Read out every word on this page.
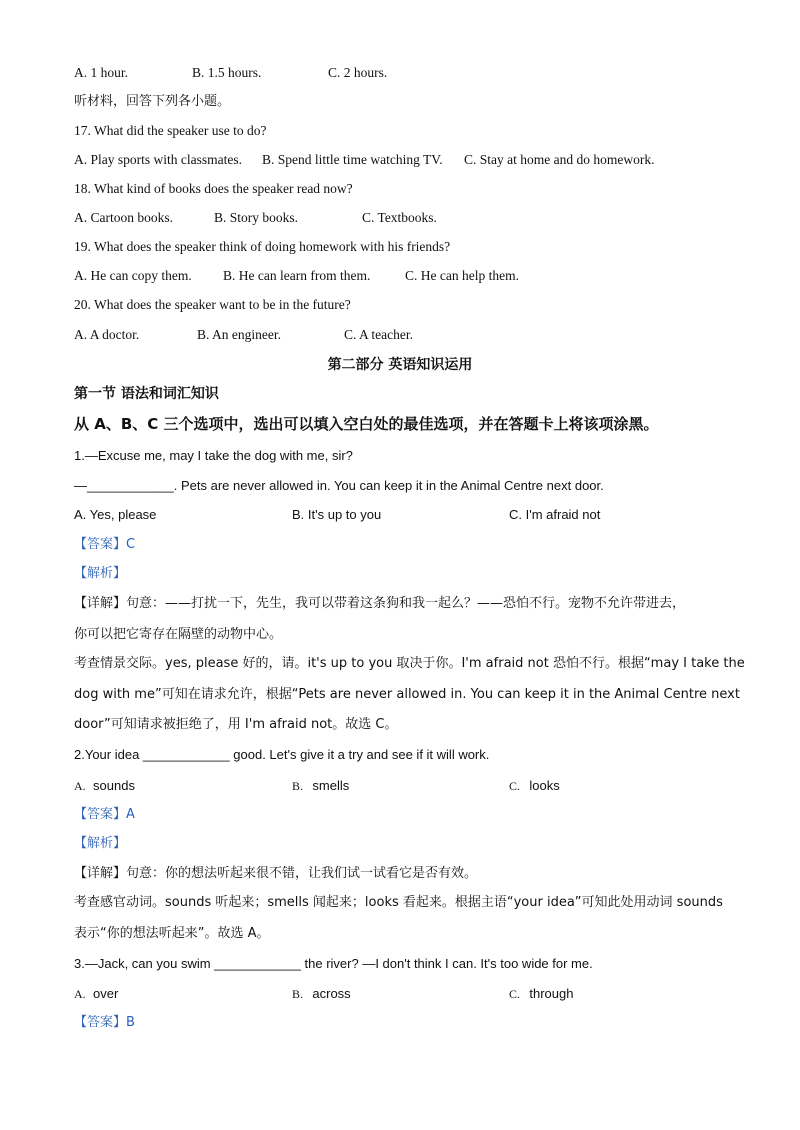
A. 1 hour.	B. 1.5 hours.	C. 2 hours.
听材料，回答下列各小题。
17. What did the speaker use to do?
A. Play sports with classmates. B. Spend little time watching TV. C. Stay at home and do homework.
18. What kind of books does the speaker read now?
A. Cartoon books.	B. Story books.	C. Textbooks.
19. What does the speaker think of doing homework with his friends?
A. He can copy them. B. He can learn from them.	C. He can help them.
20. What does the speaker want to be in the future?
A. A doctor.	B. An engineer.	C. A teacher.
第二部分 英语知识运用
第一节 语法和词汇知识
从 A、B、C 三个选项中，选出可以填入空白处的最佳选项，并在答题卡上将该项涂黑。
1.—Excuse me, may I take the dog with me, sir?
—____________. Pets are never allowed in. You can keep it in the Animal Centre next door.
A. Yes, please	B. It's up to you	C. I'm afraid not
【答案】C
【解析】
【详解】句意：——打扰一下，先生，我可以带着这条狗和我一起么？——恐怕不行。宠物不允许带进去，
你可以把它寄存在隔壁的动物中心。
考查情景交际。yes, please 好的，请。it's up to you 取决于你。I'm afraid not 恐怕不行。根据“may I take the
dog with me”可知在请求允许，根据“Pets are never allowed in. You can keep it in the Animal Centre next
door”可知请求被拒绝了，用 I'm afraid not。故选 C。
2.Your idea ____________ good. Let's give it a try and see if it will work.
A. sounds	B. smells	C. looks
【答案】A
【解析】
【详解】句意：你的想法听起来很不错，让我们试一试看它是否有效。
考查感官动词。sounds 听起来；smells 闻起来；looks 看起来。根据主语“your idea”可知此处用动词 sounds
表示“你的想法听起来”。故选 A。
3.—Jack, can you swim ____________ the river? —I don't think I can. It's too wide for me.
A. over	B. across	C. through
【答案】B
